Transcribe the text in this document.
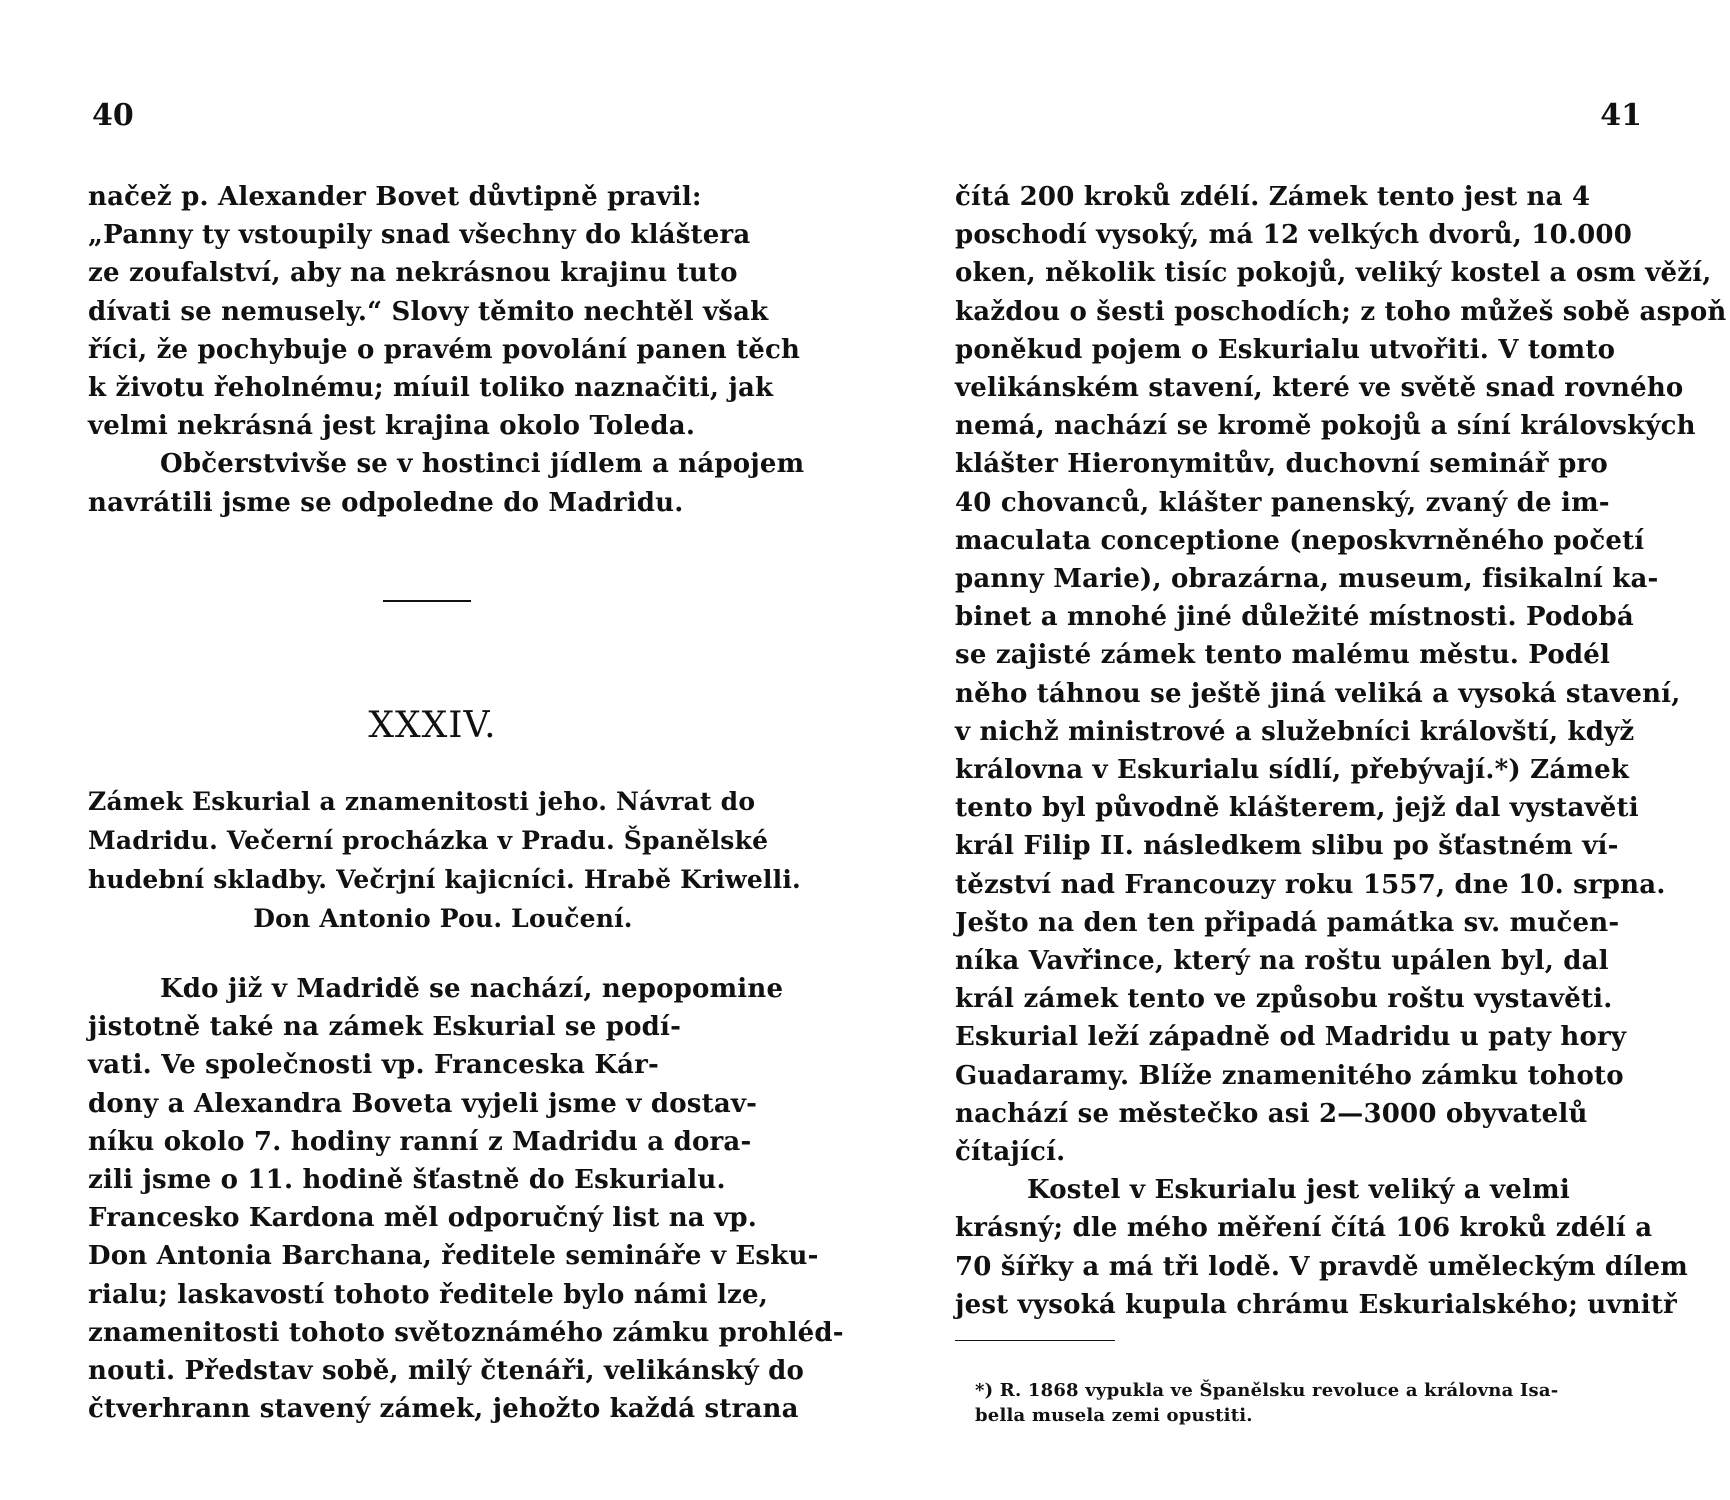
40
načež p. Alexander Bovet důvtipně pravil:
„Panny ty vstoupily snad všechny do kláštera
ze zoufalství, aby na nekrásnou krajinu tuto
dívati se nemusely.“ Slovy těmito nechtěl však
říci, že pochybuje o pravém povolání panen těch
k životu řeholnému; míuil toliko naznačiti, jak
velmi nekrásná jest krajina okolo Toleda.
Občerstvivše se v hostinci jídlem a nápojem
navrátili jsme se odpoledne do Madridu.
XXXIV.
Zámek Eskurial a znamenitosti jeho. Návrat do
Madridu. Večerní procházka v Pradu. Španělské
hudební skladby. Večrjní kajicníci. Hrabě Kriwelli.
Don Antonio Pou. Loučení.
Kdo již v Madridě se nachází, nepopomine
jistotně také na zámek Eskurial se podí-
vati. Ve společnosti vp. Franceska Kár-
dony a Alexandra Boveta vyjeli jsme v dostav-
níku okolo 7. hodiny ranní z Madridu a dora-
zili jsme o 11. hodině šťastně do Eskurialu.
Francesko Kardona měl odporučný list na vp.
Don Antonia Barchana, ředitele semináře v Esku-
rialu; laskavostí tohoto ředitele bylo námi lze,
znamenitosti tohoto světoznámého zámku prohléd-
nouti. Představ sobě, milý čtenáři, velikánský do
čtverhrann stavený zámek, jehožto každá strana
41
čítá 200 kroků zdélí. Zámek tento jest na 4
poschodí vysoký, má 12 velkých dvorů, 10.000
oken, několik tisíc pokojů, veliký kostel a osm věží,
každou o šesti poschodích; z toho můžeš sobě aspoň
poněkud pojem o Eskurialu utvořiti. V tomto
velikánském stavení, které ve světě snad rovného
nemá, nachází se kromě pokojů a síní královských
klášter Hieronymitův, duchovní seminář pro
40 chovanců, klášter panenský, zvaný de im-
maculata conceptione (neposkvrněného početí
panny Marie), obrazárna, museum, fisikalní ka-
binet a mnohé jiné důležité místnosti. Podobá
se zajisté zámek tento malému městu. Podél
něho táhnou se ještě jiná veliká a vysoká stavení,
v nichž ministrové a služebníci královští, když
královna v Eskurialu sídlí, přebývají.*) Zámek
tento byl původně klášterem, jejž dal vystavěti
král Filip II. následkem slibu po šťastném ví-
tězství nad Francouzy roku 1557, dne 10. srpna.
Ješto na den ten připadá památka sv. mučen-
níka Vavřince, který na roštu upálen byl, dal
král zámek tento ve způsobu roštu vystavěti.
Eskurial leží západně od Madridu u paty hory
Guadaramy. Blíže znamenitého zámku tohoto
nachází se městečko asi 2—3000 obyvatelů
čítající.
Kostel v Eskurialu jest veliký a velmi
krásný; dle mého měření čítá 106 kroků zdélí a
70 šířky a má tři lodě. V pravdě uměleckým dílem
jest vysoká kupula chrámu Eskurialského; uvnitř
*) R. 1868 vypukla ve Španělsku revoluce a královna Isa-
bella musela zemi opustiti.
